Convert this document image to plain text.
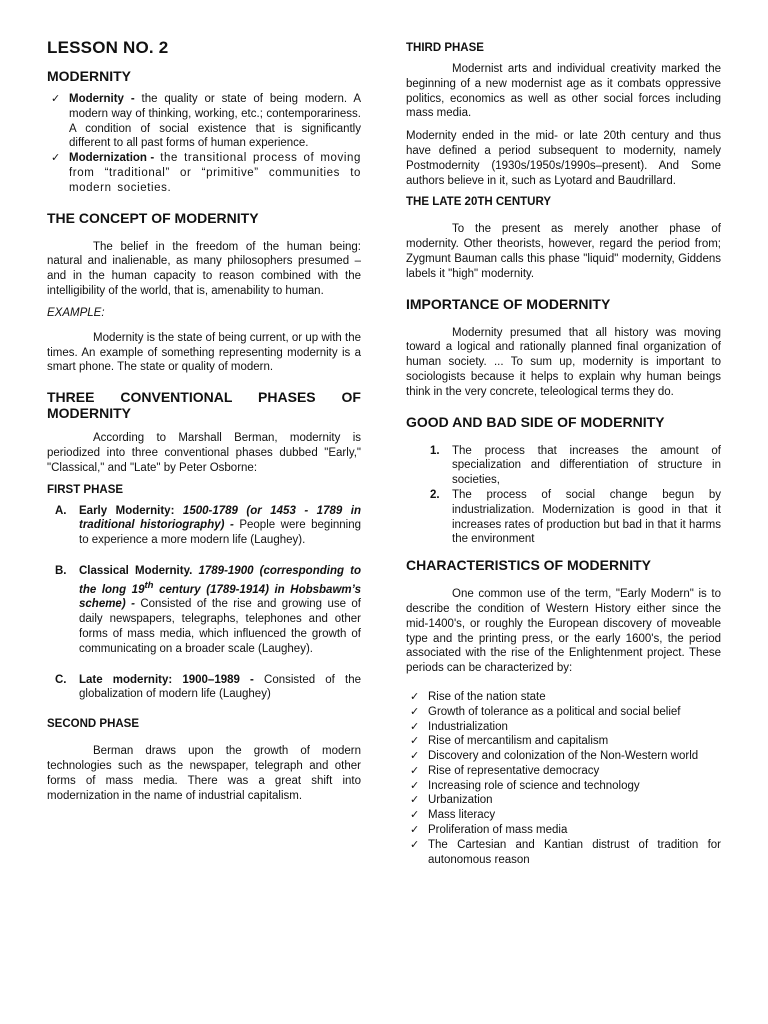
LESSON NO. 2
MODERNITY
✓ Modernity - the quality or state of being modern. A modern way of thinking, working, etc.; contemporariness. A condition of social existence that is significantly different to all past forms of human experience.
✓ Modernization - the transitional process of moving from “traditional” or “primitive” communities to modern societies.
THE CONCEPT OF MODERNITY

The belief in the freedom of the human being: natural and inalienable, as many philosophers presumed – and in the human capacity to reason combined with the intelligibility of the world, that is, amenability to human.

EXAMPLE:

Modernity is the state of being current, or up with the times. An example of something representing modernity is a smart phone. The state or quality of modern.

THREE CONVENTIONAL PHASES OF MODERNITY

According to Marshall Berman, modernity is periodized into three conventional phases dubbed "Early," "Classical," and "Late" by Peter Osborne:

FIRST PHASE
A. Early Modernity: 1500-1789 (or 1453 - 1789 in traditional historiography) - People were beginning to experience a more modern life (Laughey).
B. Classical Modernity. 1789-1900 (corresponding to the long 19th century (1789-1914) in Hobsbawm’s scheme) - Consisted of the rise and growing use of daily newspapers, telegraphs, telephones and other forms of mass media, which influenced the growth of communicating on a broader scale (Laughey).
C. Late modernity: 1900–1989 - Consisted of the globalization of modern life (Laughey)
SECOND PHASE

Berman draws upon the growth of modern technologies such as the newspaper, telegraph and other forms of mass media. There was a great shift into modernization in the name of industrial capitalism.

THIRD PHASE

Modernist arts and individual creativity marked the beginning of a new modernist age as it combats oppressive politics, economics as well as other social forces including mass media.

Modernity ended in the mid- or late 20th century and thus have defined a period subsequent to modernity, namely Postmodernity (1930s/1950s/1990s–present). And Some authors believe in it, such as Lyotard and Baudrillard.

THE LATE 20TH CENTURY

To the present as merely another phase of modernity. Other theorists, however, regard the period from; Zygmunt Bauman calls this phase "liquid" modernity, Giddens labels it "high" modernity.

IMPORTANCE OF MODERNITY

Modernity presumed that all history was moving toward a logical and rationally planned final organization of human society. ... To sum up, modernity is important to sociologists because it helps to explain why human beings think in the very concrete, teleological terms they do.

GOOD AND BAD SIDE OF MODERNITY
1. The process that increases the amount of specialization and differentiation of structure in societies,
2. The process of social change begun by industrialization. Modernization is good in that it increases rates of production but bad in that it harms the environment
CHARACTERISTICS OF MODERNITY

One common use of the term, "Early Modern" is to describe the condition of Western History either since the mid-1400's, or roughly the European discovery of moveable type and the printing press, or the early 1600's, the period associated with the rise of the Enlightenment project. These periods can be characterized by:

✓ Rise of the nation state
✓ Growth of tolerance as a political and social belief
✓ Industrialization
✓ Rise of mercantilism and capitalism
✓ Discovery and colonization of the Non-Western world
✓ Rise of representative democracy
✓ Increasing role of science and technology
✓ Urbanization
✓ Mass literacy
✓ Proliferation of mass media
✓ The Cartesian and Kantian distrust of tradition for autonomous reason
